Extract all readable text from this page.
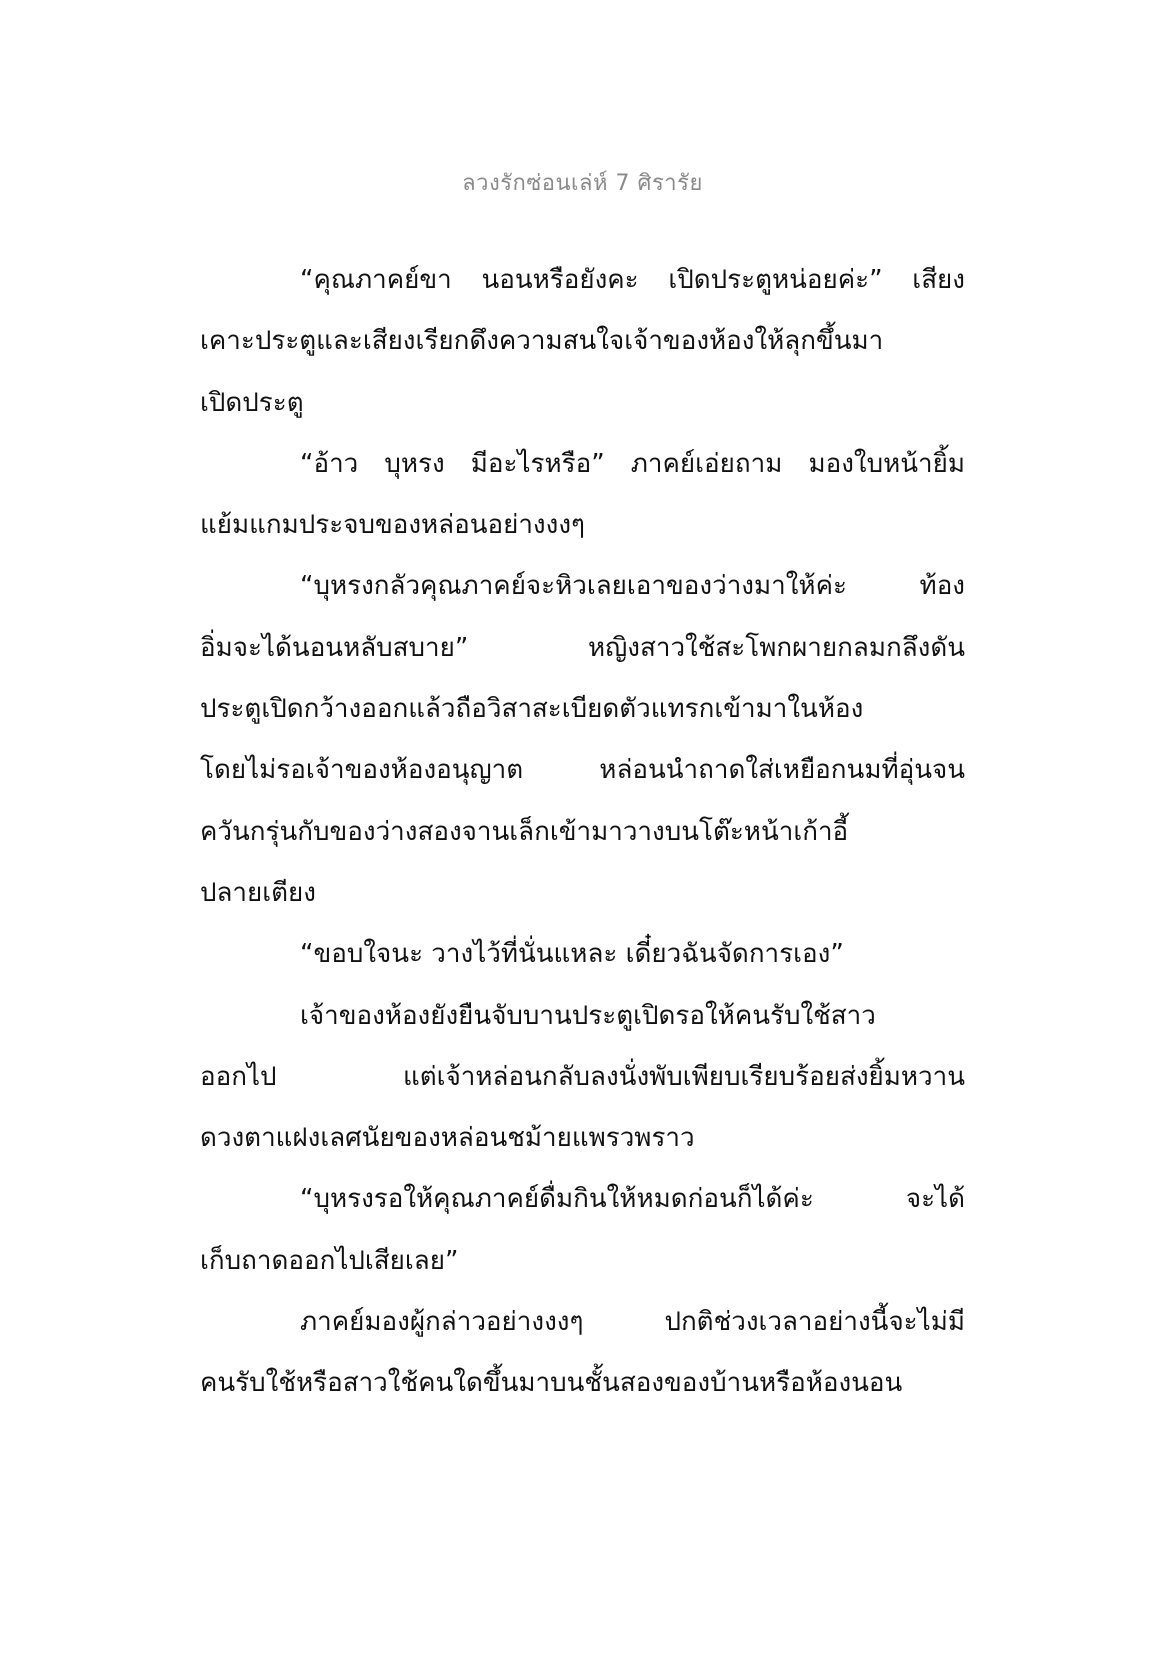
ลวงรักซ่อนเล่ห์ 7 ศิรารัย
“คุณภาคย์ขา นอนหรือยังคะ เปิดประตูหน่อยค่ะ” เสียง
เคาะประตูและเสียงเรียกดึงความสนใจเจ้าของห้องให้ลุกขึ้นมา
เปิดประตู
“อ้าว บุหรง มีอะไรหรือ” ภาคย์เอ่ยถาม มองใบหน้ายิ้ม
แย้มแกมประจบของหล่อนอย่างงงๆ
“บุหรงกลัวคุณภาคย์จะหิวเลยเอาของว่างมาให้ค่ะ ท้อง
อิ่มจะได้นอนหลับสบาย” หญิงสาวใช้สะโพกผายกลมกลึงดัน
ประตูเปิดกว้างออกแล้วถือวิสาสะเบียดตัวแทรกเข้ามาในห้อง
โดยไม่รอเจ้าของห้องอนุญาต หล่อนนำถาดใส่เหยือกนมที่อุ่นจน
ควันกรุ่นกับของว่างสองจานเล็กเข้ามาวางบนโต๊ะหน้าเก้าอี้
ปลายเตียง
“ขอบใจนะ วางไว้ที่นั่นแหละ เดี๋ยวฉันจัดการเอง”
เจ้าของห้องยังยืนจับบานประตูเปิดรอให้คนรับใช้สาว
ออกไป แต่เจ้าหล่อนกลับลงนั่งพับเพียบเรียบร้อยส่งยิ้มหวาน
ดวงตาแฝงเลศนัยของหล่อนชม้ายแพรวพราว
“บุหรงรอให้คุณภาคย์ดื่มกินให้หมดก่อนก็ได้ค่ะ จะได้
เก็บถาดออกไปเสียเลย”
ภาคย์มองผู้กล่าวอย่างงงๆ ปกติช่วงเวลาอย่างนี้จะไม่มี
คนรับใช้หรือสาวใช้คนใดขึ้นมาบนชั้นสองของบ้านหรือห้องนอน
